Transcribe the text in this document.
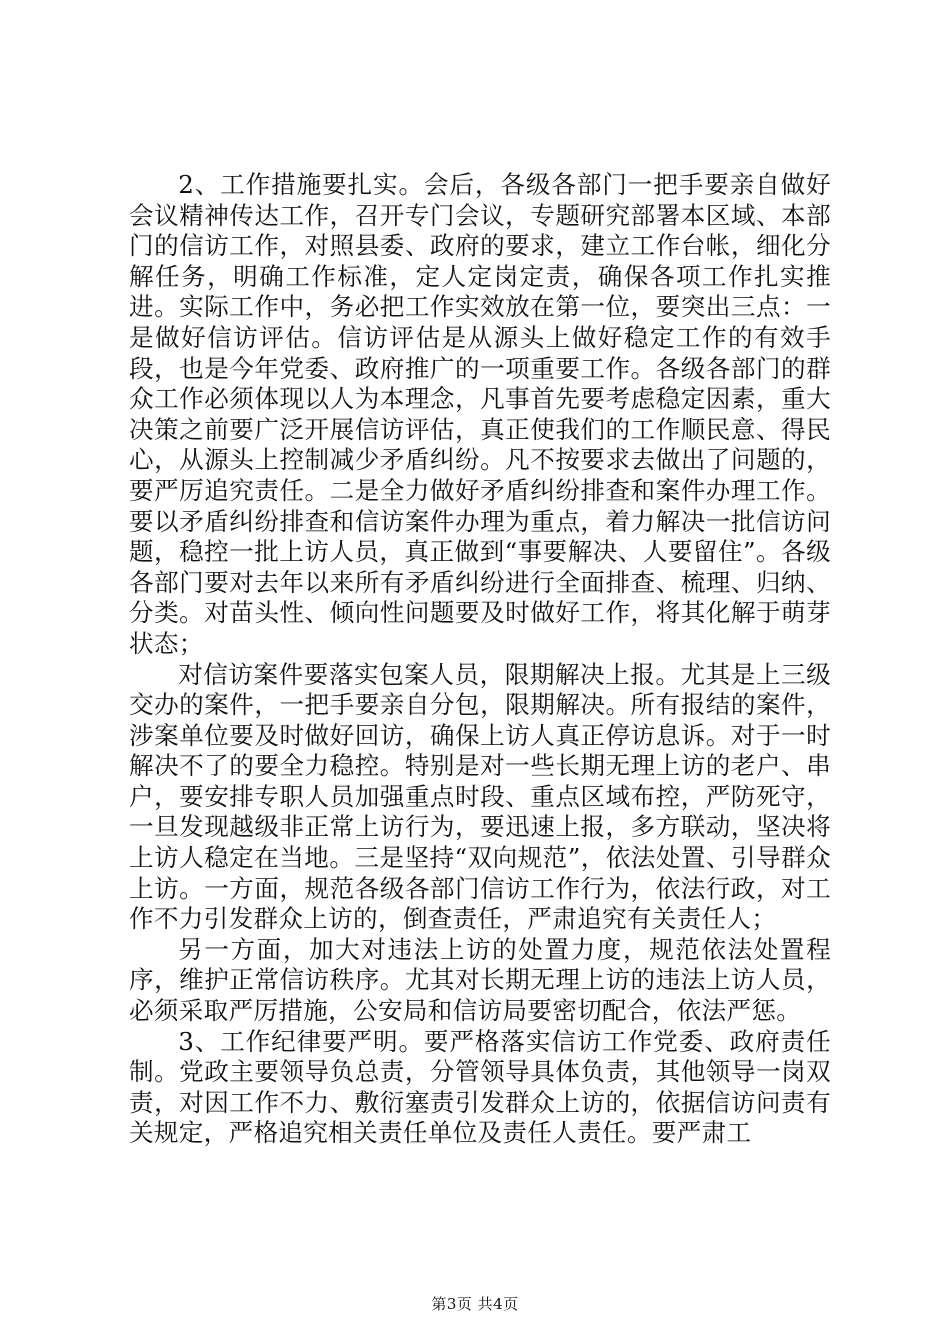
2、工作措施要扎实。会后，各级各部门一把手要亲自做好会议精神传达工作，召开专门会议，专题研究部署本区域、本部门的信访工作，对照县委、政府的要求，建立工作台帐，细化分解任务，明确工作标准，定人定岗定责，确保各项工作扎实推进。实际工作中，务必把工作实效放在第一位，要突出三点：一是做好信访评估。信访评估是从源头上做好稳定工作的有效手段，也是今年党委、政府推广的一项重要工作。各级各部门的群众工作必须体现以人为本理念，凡事首先要考虑稳定因素，重大决策之前要广泛开展信访评估，真正使我们的工作顺民意、得民心，从源头上控制减少矛盾纠纷。凡不按要求去做出了问题的，要严厉追究责任。二是全力做好矛盾纠纷排查和案件办理工作。要以矛盾纠纷排查和信访案件办理为重点，着力解决一批信访问题，稳控一批上访人员，真正做到“事要解决、人要留住”。各级各部门要对去年以来所有矛盾纠纷进行全面排查、梳理、归纳、分类。对苗头性、倾向性问题要及时做好工作，将其化解于萌芽状态；

对信访案件要落实包案人员，限期解决上报。尤其是上三级交办的案件，一把手要亲自分包，限期解决。所有报结的案件，涉案单位要及时做好回访，确保上访人真正停访息诉。对于一时解决不了的要全力稳控。特别是对一些长期无理上访的老户、串户，要安排专职人员加强重点时段、重点区域布控，严防死守，一旦发现越级非正常上访行为，要迅速上报，多方联动，坚决将上访人稳定在当地。三是坚持“双向规范”，依法处置、引导群众上访。一方面，规范各级各部门信访工作行为，依法行政，对工作不力引发群众上访的，倒查责任，严肃追究有关责任人；

另一方面，加大对违法上访的处置力度，规范依法处置程序，维护正常信访秩序。尤其对长期无理上访的违法上访人员，必须采取严厉措施，公安局和信访局要密切配合，依法严惩。

3、工作纪律要严明。要严格落实信访工作党委、政府责任制。党政主要领导负总责，分管领导具体负责，其他领导一岗双责，对因工作不力、敷衍塞责引发群众上访的，依据信访问责有关规定，严格追究相关责任单位及责任人责任。要严肃工

第3页 共4页
